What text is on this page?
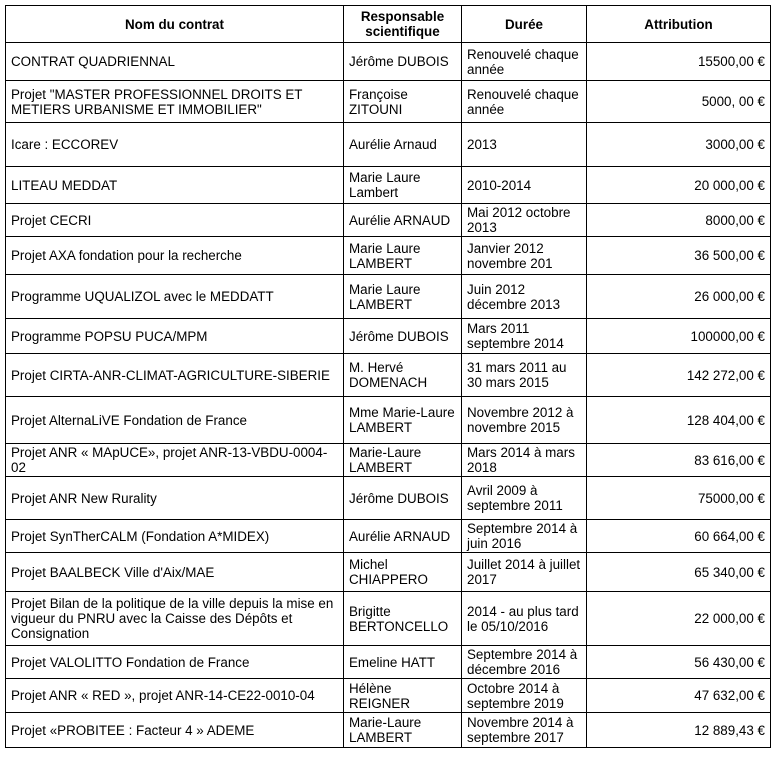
Nom du contrat	Responsable scientifique	Durée	Attribution
CONTRAT QUADRIENNAL	Jérôme DUBOIS	Renouvelé chaque année	15500,00 €
Projet "MASTER PROFESSIONNEL DROITS ET METIERS URBANISME ET IMMOBILIER"	Françoise ZITOUNI	Renouvelé chaque année	5000, 00 €
Icare : ECCOREV	Aurélie Arnaud	2013	3000,00 €
LITEAU MEDDAT	Marie Laure Lambert	2010-2014	20 000,00 €
Projet CECRI	Aurélie ARNAUD	Mai 2012 octobre 2013	8000,00 €
Projet AXA fondation pour la recherche	Marie Laure LAMBERT	Janvier 2012 novembre 201	36 500,00 €
Programme UQUALIZOL avec le MEDDATT	Marie Laure LAMBERT	Juin 2012 décembre 2013	26 000,00 €
Programme POPSU PUCA/MPM	Jérôme DUBOIS	Mars 2011 septembre 2014	100000,00 €
Projet CIRTA-ANR-CLIMAT-AGRICULTURE-SIBERIE	M. Hervé DOMENACH	31 mars 2011 au 30 mars 2015	142 272,00 €
Projet AlternaLiVE Fondation de France	Mme Marie-Laure LAMBERT	Novembre 2012 à novembre 2015	128 404,00 €
Projet ANR « MApUCE», projet ANR-13-VBDU-0004-02	Marie-Laure LAMBERT	Mars 2014 à mars 2018	83 616,00 €
Projet ANR New Rurality	Jérôme DUBOIS	Avril 2009 à septembre 2011	75000,00 €
Projet SynTherCALM (Fondation A*MIDEX)	Aurélie ARNAUD	Septembre 2014 à juin 2016	60 664,00 €
Projet BAALBECK Ville d'Aix/MAE	Michel CHIAPPERO	Juillet 2014 à juillet 2017	65 340,00 €
Projet Bilan de la politique de la ville depuis la mise en vigueur du PNRU avec la Caisse des Dépôts et Consignation	Brigitte BERTONCELLO	2014 - au plus tard le 05/10/2016	22 000,00 €
Projet VALOLITTO Fondation de France	Emeline HATT	Septembre 2014 à décembre 2016	56 430,00 €
Projet ANR « RED », projet ANR-14-CE22-0010-04	Hélène REIGNER	Octobre 2014 à septembre 2019	47 632,00 €
Projet «PROBITEE : Facteur 4 » ADEME	Marie-Laure LAMBERT	Novembre 2014 à septembre 2017	12 889,43 €
